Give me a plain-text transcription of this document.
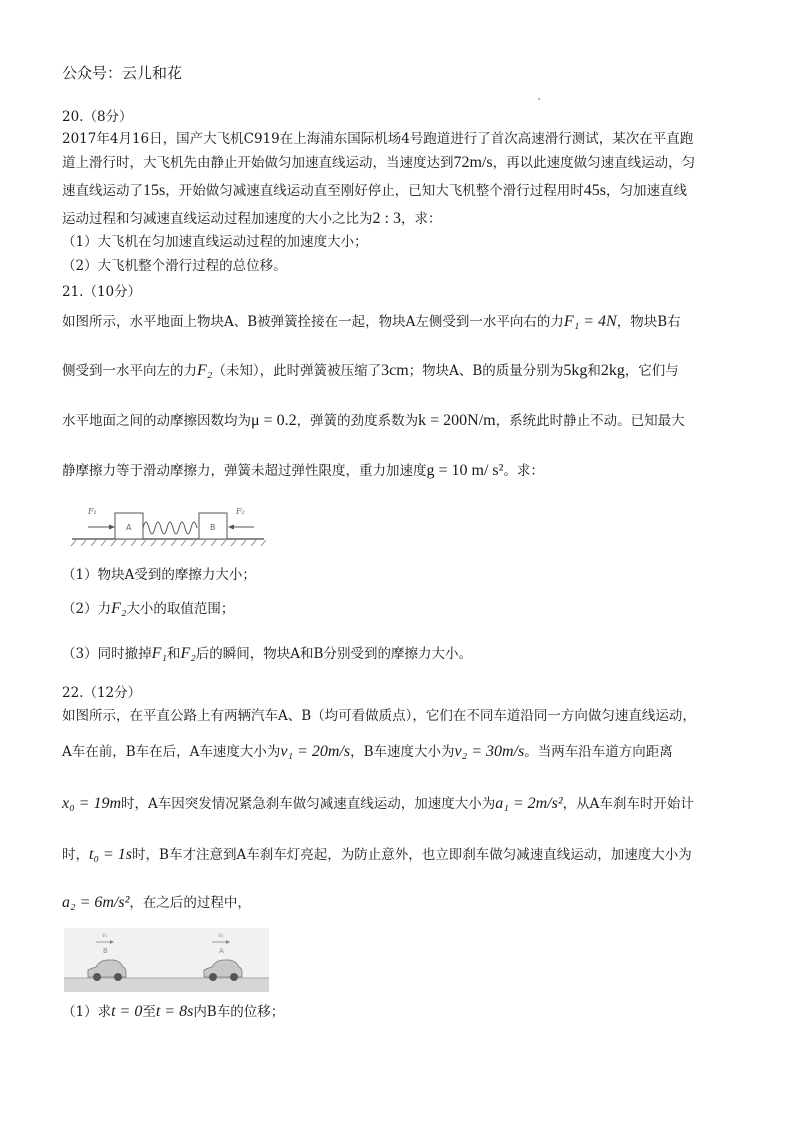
公众号：云儿和花
20.（8分）
2017年4月16日，国产大飞机C919在上海浦东国际机场4号跑道进行了首次高速滑行测试，某次在平直跑
道上滑行时，大飞机先由静止开始做匀加速直线运动，当速度达到72m/s，再以此速度做匀速直线运动，匀
速直线运动了15s，开始做匀减速直线运动直至刚好停止，已知大飞机整个滑行过程用时45s，匀加速直线
运动过程和匀减速直线运动过程加速度的大小之比为2 : 3，求：
（1）大飞机在匀加速直线运动过程的加速度大小；
（2）大飞机整个滑行过程的总位移。
21.（10分）
如图所示，水平地面上物块A、B被弹簧拴接在一起，物块A左侧受到一水平向右的力F₁ = 4N，物块B右
侧受到一水平向左的力F₂（未知），此时弹簧被压缩了3cm；物块A、B的质量分别为5kg和2kg，它们与
水平地面之间的动摩擦因数均为μ = 0.2，弹簧的劲度系数为k = 200N/m，系统此时静止不动。已知最大
静摩擦力等于滑动摩擦力，弹簧未超过弹性限度，重力加速度g = 10 m/ s²。求：
F₁
A	B
F₂
（1）物块A受到的摩擦力大小；
（2）力F₂大小的取值范围；
（3）同时撤掉F₁和F₂后的瞬间，物块A和B分别受到的摩擦力大小。
22.（12分）
如图所示，在平直公路上有两辆汽车A、B（均可看做质点），它们在不同车道沿同一方向做匀速直线运动，
A车在前，B车在后，A车速度大小为v₁ = 20m/s，B车速度大小为v₂ = 30m/s。当两车沿车道方向距离
x₀ = 19m时，A车因突发情况紧急刹车做匀减速直线运动，加速度大小为a₁ = 2m/s²，从A车刹车时开始计
时，t₀ = 1s时，B车才注意到A车刹车灯亮起，为防止意外，也立即刹车做匀减速直线运动，加速度大小为
a₂ = 6m/s²，在之后的过程中，
v₂
B
v₁
A
（1）求t = 0至t = 8s内B车的位移；
